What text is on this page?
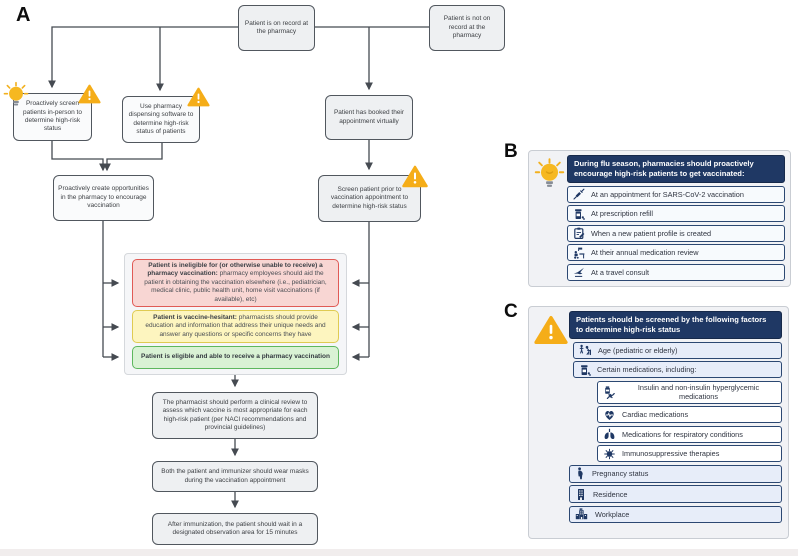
A	Patient is on record at the pharmacy
Patient is not on record at the pharmacy
Proactively screen patients in-person to determine high-risk status
Use pharmacy dispensing software to determine high-risk status of patients
Patient has booked their appointment virtually
Proactively create opportunities in the pharmacy to encourage vaccination
Screen patient prior to vaccination appointment to determine high-risk status
Patient is ineligible for (or otherwise unable to receive) a pharmacy vaccination: pharmacy employees should aid the patient in obtaining the vaccination elsewhere (i.e., pediatrician, medical clinic, public health unit, home visit vaccinations (if available), etc)
Patient is vaccine-hesitant: pharmacists should provide education and information that address their unique needs and answer any questions or specific concerns they have
Patient is eligible and able to receive a pharmacy vaccination
The pharmacist should perform a clinical review to assess which vaccine is most appropriate for each high-risk patient (per NACI recommendations and provincial guidelines)
Both the patient and immunizer should wear masks during the vaccination appointment
After immunization, the patient should wait in a designated observation area for 15 minutes
B
During flu season, pharmacies should proactively encourage high-risk patients to get vaccinated:
At an appointment for SARS-CoV-2 vaccination
At prescription refill
When a new patient profile is created
At their annual medication review
At a travel consult
C	Patients should be screened by the following factors to determine high-risk status
Age (pediatric or elderly)
Certain medications, including:
Insulin and non-insulin hyperglycemic medications
Cardiac medications
Medications for respiratory conditions
Immunosuppressive therapies
Pregnancy status
Residence
Workplace
